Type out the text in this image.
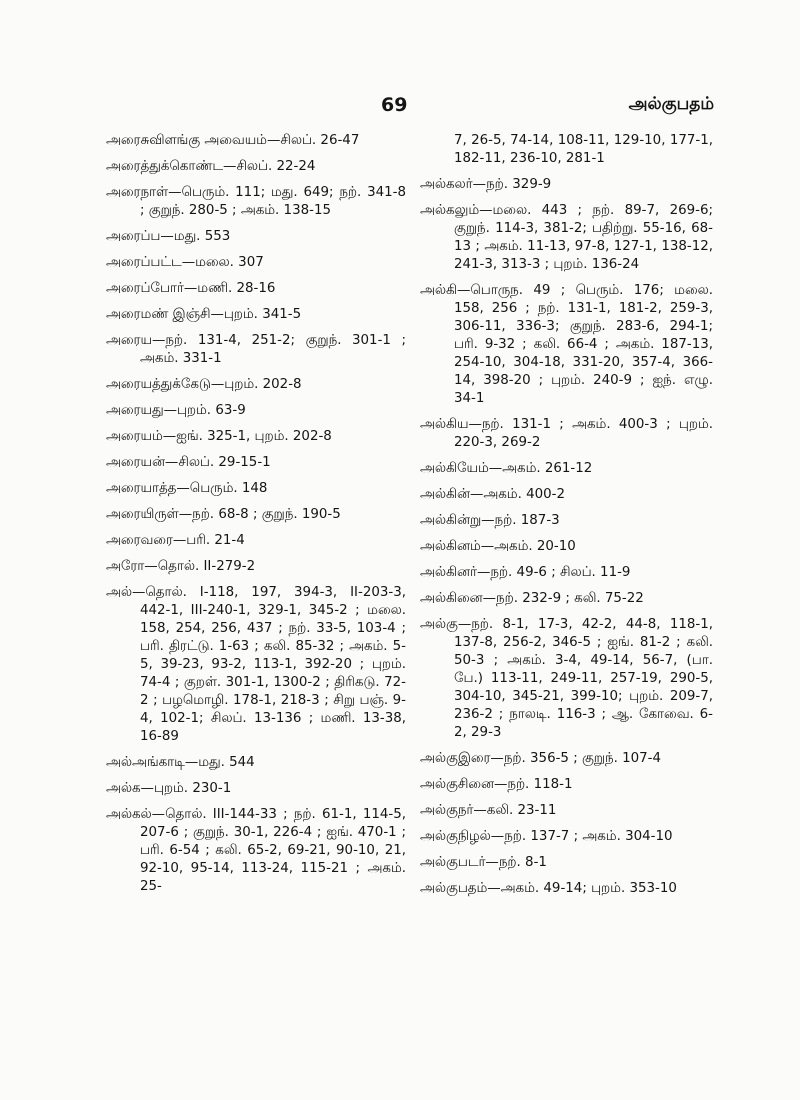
69	அல்குபதம்

அரைசுவிளங்கு அவையம்—சிலப். 26-47

அரைத்துக்கொண்ட—சிலப். 22-24

அரைநாள்—பெரும். 111; மது. 649; நற். 341-8 ; குறுந். 280-5 ; அகம். 138-15

அரைப்ப—மது. 553

அரைப்பட்ட—மலை. 307

அரைப்போர்—மணி. 28-16

அரைமண் இஞ்சி—புறம். 341-5

அரைய—நற். 131-4, 251-2; குறுந். 301-1 ; அகம். 331-1

அரையத்துக்கேடு—புறம். 202-8

அரையது—புறம். 63-9

அரையம்—ஐங். 325-1, புறம். 202-8

அரையன்—சிலப். 29-15-1

அரையாத்த—பெரும். 148

அரையிருள்—நற். 68-8 ; குறுந். 190-5

அரைவரை—பரி. 21-4

அரோ—தொல். II-279-2

அல்—தொல். I-118, 197, 394-3, II-203-3, 442-1, III-240-1, 329-1, 345-2 ; மலை. 158, 254, 256, 437 ; நற். 33-5, 103-4 ; பரி. திரட்டு. 1-63 ; கலி. 85-32 ; அகம். 5-5, 39-23, 93-2, 113-1, 392-20 ; புறம். 74-4 ; குறள். 301-1, 1300-2 ; திரிகடு. 72-2 ; பழமொழி. 178-1, 218-3 ; சிறு பஞ். 9-4, 102-1; சிலப். 13-136 ; மணி. 13-38, 16-89

அல்அங்காடி—மது. 544

அல்க—புறம். 230-1

அல்கல்—தொல். III-144-33 ; நற். 61-1, 114-5, 207-6 ; குறுந். 30-1, 226-4 ; ஐங். 470-1 ; பரி. 6-54 ; கலி. 65-2, 69-21, 90-10, 21, 92-10, 95-14, 113-24, 115-21 ; அகம். 25-

7, 26-5, 74-14, 108-11, 129-10, 177-1, 182-11, 236-10, 281-1

அல்கலர்—நற். 329-9

அல்கலும்—மலை. 443 ; நற். 89-7, 269-6; குறுந். 114-3, 381-2; பதிற்று. 55-16, 68-13 ; அகம். 11-13, 97-8, 127-1, 138-12, 241-3, 313-3 ; புறம். 136-24

அல்கி—பொருந. 49 ; பெரும். 176; மலை. 158, 256 ; நற். 131-1, 181-2, 259-3, 306-11, 336-3; குறுந். 283-6, 294-1; பரி. 9-32 ; கலி. 66-4 ; அகம். 187-13, 254-10, 304-18, 331-20, 357-4, 366-14, 398-20 ; புறம். 240-9 ; ஐந். எழு. 34-1

அல்கிய—நற். 131-1 ; அகம். 400-3 ; புறம். 220-3, 269-2

அல்கியேம்—அகம். 261-12

அல்கின்—அகம். 400-2

அல்கின்று—நற். 187-3

அல்கினம்—அகம். 20-10

அல்கினர்—நற். 49-6 ; சிலப். 11-9

அல்கினை—நற். 232-9 ; கலி. 75-22

அல்கு—நற். 8-1, 17-3, 42-2, 44-8, 118-1, 137-8, 256-2, 346-5 ; ஐங். 81-2 ; கலி. 50-3 ; அகம். 3-4, 49-14, 56-7, (பா. பே.) 113-11, 249-11, 257-19, 290-5, 304-10, 345-21, 399-10; புறம். 209-7, 236-2 ; நாலடி. 116-3 ; ஆ. கோவை. 6-2, 29-3

அல்குஇரை—நற். 356-5 ; குறுந். 107-4

அல்குசினை—நற். 118-1

அல்குநர்—கலி. 23-11

அல்குநிழல்—நற். 137-7 ; அகம். 304-10

அல்குபடர்—நற். 8-1

அல்குபதம்—அகம். 49-14; புறம். 353-10
